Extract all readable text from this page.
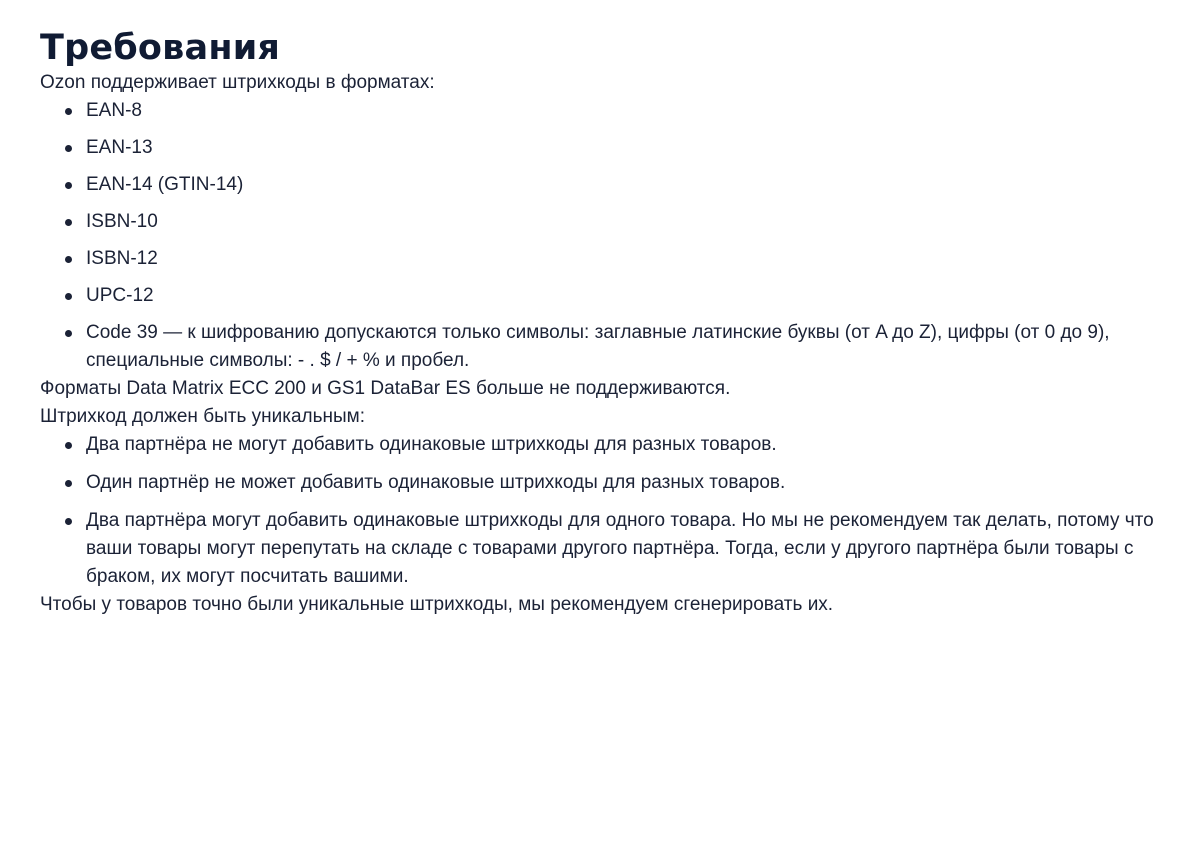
Требования

Ozon поддерживает штрихкоды в форматах:

EAN-8
EAN-13
EAN-14 (GTIN-14)
ISBN-10
ISBN-12
UPC-12
Code 39 — к шифрованию допускаются только символы: заглавные латинские буквы (от A до Z), цифры (от 0 до 9), специальные символы: - . $ / + % и пробел.

Форматы Data Matrix ECC 200 и GS1 DataBar ES больше не поддерживаются.

Штрихкод должен быть уникальным:

Два партнёра не могут добавить одинаковые штрихкоды для разных товаров.
Один партнёр не может добавить одинаковые штрихкоды для разных товаров.
Два партнёра могут добавить одинаковые штрихкоды для одного товара. Но мы не рекомендуем так делать, потому что ваши товары могут перепутать на складе с товарами другого партнёра. Тогда, если у другого партнёра были товары с браком, их могут посчитать вашими.

Чтобы у товаров точно были уникальные штрихкоды, мы рекомендуем сгенерировать их.
